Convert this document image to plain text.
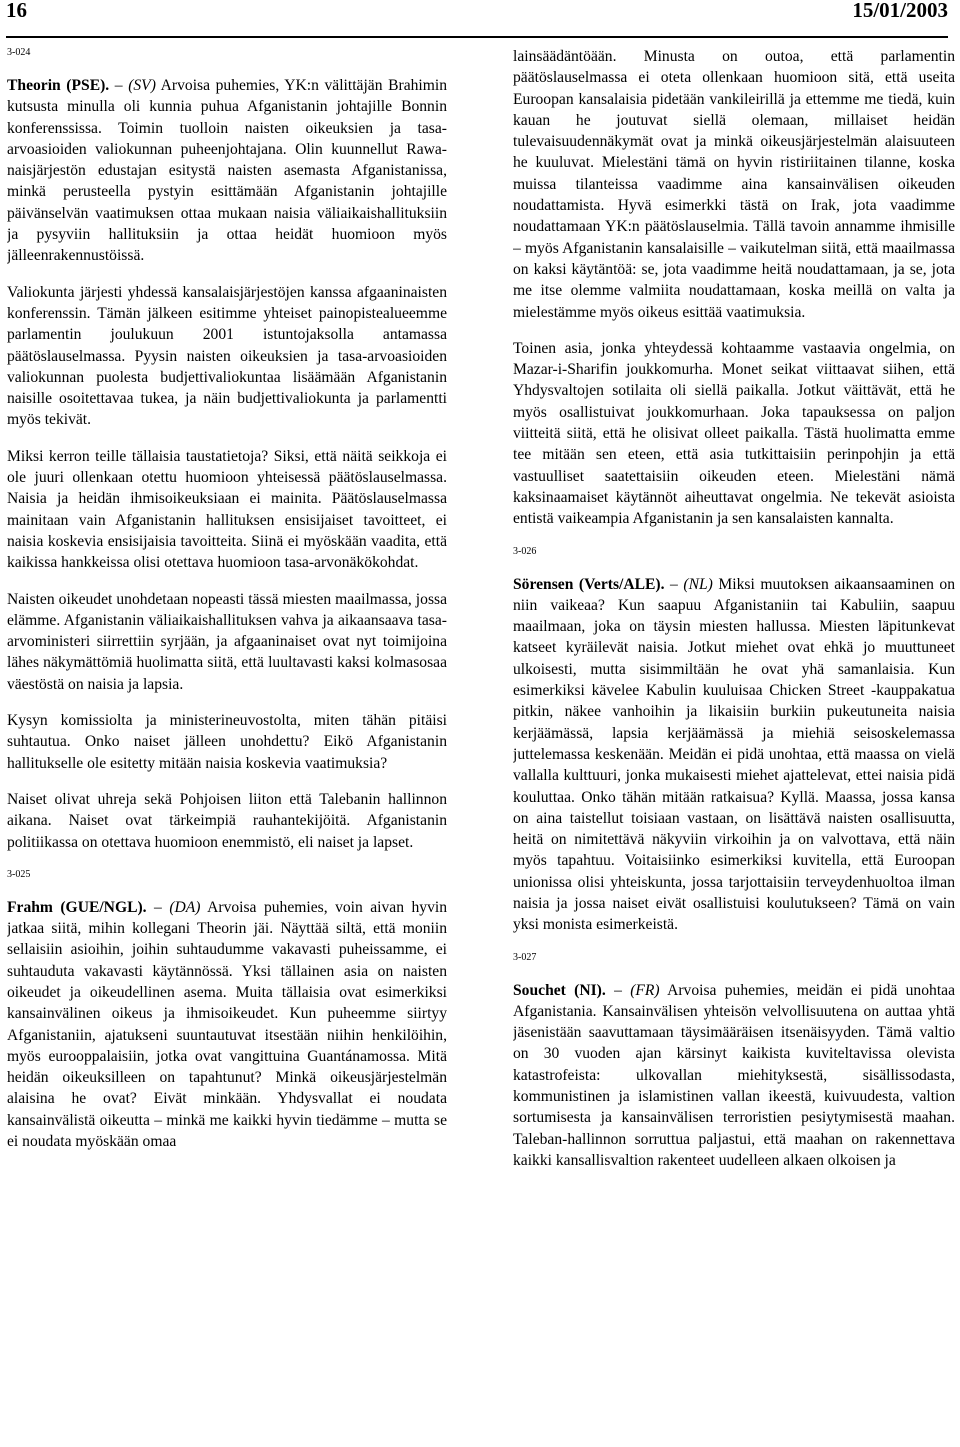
16	15/01/2003

3-024

Theorin (PSE). – (SV) Arvoisa puhemies, YK:n välittäjän Brahimin kutsusta minulla oli kunnia puhua Afganistanin johtajille Bonnin konferenssissa. Toimin tuolloin naisten oikeuksien ja tasa-arvoasioiden valiokunnan puheenjohtajana. Olin kuunnellut Rawa-naisjärjestön edustajan esitystä naisten asemasta Afganistanissa, minkä perusteella pystyin esittämään Afganistanin johtajille päivänselvän vaatimuksen ottaa mukaan naisia väliaikaishallituksiin ja pysyviin hallituksiin ja ottaa heidät huomioon myös jälleenrakennustöissä.

Valiokunta järjesti yhdessä kansalaisjärjestöjen kanssa afgaaninaisten konferenssin. Tämän jälkeen esitimme yhteiset painopistealueemme parlamentin joulukuun 2001 istuntojaksolla antamassa päätöslauselmassa. Pyysin naisten oikeuksien ja tasa-arvoasioiden valiokunnan puolesta budjettivaliokuntaa lisäämään Afganistanin naisille osoitettavaa tukea, ja näin budjettivaliokunta ja parlamentti myös tekivät.

Miksi kerron teille tällaisia taustatietoja? Siksi, että näitä seikkoja ei ole juuri ollenkaan otettu huomioon yhteisessä päätöslauselmassa. Naisia ja heidän ihmisoikeuksiaan ei mainita. Päätöslauselmassa mainitaan vain Afganistanin hallituksen ensisijaiset tavoitteet, ei naisia koskevia ensisijaisia tavoitteita. Siinä ei myöskään vaadita, että kaikissa hankkeissa olisi otettava huomioon tasa-arvonäkökohdat.

Naisten oikeudet unohdetaan nopeasti tässä miesten maailmassa, jossa elämme. Afganistanin väliaikaishallituksen vahva ja aikaansaava tasa-arvoministeri siirrettiin syrjään, ja afgaaninaiset ovat nyt toimijoina lähes näkymättömiä huolimatta siitä, että luultavasti kaksi kolmasosaa väestöstä on naisia ja lapsia.

Kysyn komissiolta ja ministerineuvostolta, miten tähän pitäisi suhtautua. Onko naiset jälleen unohdettu? Eikö Afganistanin hallitukselle ole esitetty mitään naisia koskevia vaatimuksia?

Naiset olivat uhreja sekä Pohjoisen liiton että Talebanin hallinnon aikana. Naiset ovat tärkeimpiä rauhantekijöitä. Afganistanin politiikassa on otettava huomioon enemmistö, eli naiset ja lapset.

3-025

Frahm (GUE/NGL). – (DA) Arvoisa puhemies, voin aivan hyvin jatkaa siitä, mihin kollegani Theorin jäi. Näyttää siltä, että moniin sellaisiin asioihin, joihin suhtaudumme vakavasti puheissamme, ei suhtauduta vakavasti käytännössä. Yksi tällainen asia on naisten oikeudet ja oikeudellinen asema. Muita tällaisia ovat esimerkiksi kansainvälinen oikeus ja ihmisoikeudet. Kun puheemme siirtyy Afganistaniin, ajatukseni suuntautuvat itsestään niihin henkilöihin, myös eurooppalaisiin, jotka ovat vangittuina Guantánamossa. Mitä heidän oikeuksilleen on tapahtunut? Minkä oikeusjärjestelmän alaisina he ovat? Eivät minkään. Yhdysvallat ei noudata kansainvälistä oikeutta – minkä me kaikki hyvin tiedämme – mutta se ei noudata myöskään omaa

lainsäädäntöään. Minusta on outoa, että parlamentin päätöslauselmassa ei oteta ollenkaan huomioon sitä, että useita Euroopan kansalaisia pidetään vankileirillä ja ettemme me tiedä, kuin kauan he joutuvat siellä olemaan, millaiset heidän tulevaisuudennäkymät ovat ja minkä oikeusjärjestelmän alaisuuteen he kuuluvat. Mielestäni tämä on hyvin ristiriitainen tilanne, koska muissa tilanteissa vaadimme aina kansainvälisen oikeuden noudattamista. Hyvä esimerkki tästä on Irak, jota vaadimme noudattamaan YK:n päätöslauselmia. Tällä tavoin annamme ihmisille – myös Afganistanin kansalaisille – vaikutelman siitä, että maailmassa on kaksi käytäntöä: se, jota vaadimme heitä noudattamaan, ja se, jota me itse olemme valmiita noudattamaan, koska meillä on valta ja mielestämme myös oikeus esittää vaatimuksia.

Toinen asia, jonka yhteydessä kohtaamme vastaavia ongelmia, on Mazar-i-Sharifin joukkomurha. Monet seikat viittaavat siihen, että Yhdysvaltojen sotilaita oli siellä paikalla. Jotkut väittävät, että he myös osallistuivat joukkomurhaan. Joka tapauksessa on paljon viitteitä siitä, että he olisivat olleet paikalla. Tästä huolimatta emme tee mitään sen eteen, että asia tutkittaisiin perinpohjin ja että vastuulliset saatettaisiin oikeuden eteen. Mielestäni nämä kaksinaamaiset käytännöt aiheuttavat ongelmia. Ne tekevät asioista entistä vaikeampia Afganistanin ja sen kansalaisten kannalta.

3-026

Sörensen (Verts/ALE). – (NL) Miksi muutoksen aikaansaaminen on niin vaikeaa? Kun saapuu Afganistaniin tai Kabuliin, saapuu maailmaan, joka on täysin miesten hallussa. Miesten läpitunkevat katseet kyräilevät naisia. Jotkut miehet ovat ehkä jo muuttuneet ulkoisesti, mutta sisimmiltään he ovat yhä samanlaisia. Kun esimerkiksi kävelee Kabulin kuuluisaa Chicken Street -kauppakatua pitkin, näkee vanhoihin ja likaisiin burkiin pukeutuneita naisia kerjäämässä, lapsia kerjäämässä ja miehiä seisoskelemassa juttelemassa keskenään. Meidän ei pidä unohtaa, että maassa on vielä vallalla kulttuuri, jonka mukaisesti miehet ajattelevat, ettei naisia pidä kouluttaa. Onko tähän mitään ratkaisua? Kyllä. Maassa, jossa kansa on aina taistellut toisiaan vastaan, on lisättävä naisten osallisuutta, heitä on nimitettävä näkyviin virkoihin ja on valvottava, että näin myös tapahtuu. Voitaisiinko esimerkiksi kuvitella, että Euroopan unionissa olisi yhteiskunta, jossa tarjottaisiin terveydenhuoltoa ilman naisia ja jossa naiset eivät osallistuisi koulutukseen? Tämä on vain yksi monista esimerkeistä.

3-027

Souchet (NI). – (FR) Arvoisa puhemies, meidän ei pidä unohtaa Afganistania. Kansainvälisen yhteisön velvollisuutena on auttaa yhtä jäsenistään saavuttamaan täysimääräisen itsenäisyyden. Tämä valtio on 30 vuoden ajan kärsinyt kaikista kuviteltavissa olevista katastrofeista: ulkovallan miehityksestä, sisällissodasta, kommunistinen ja islamistinen vallan ikeestä, kuivuudesta, valtion sortumisesta ja kansainvälisen terroristien pesiytymisestä maahan. Taleban-hallinnon sorruttua paljastui, että maahan on rakennettava kaikki kansallisvaltion rakenteet uudelleen alkaen olkoisen ja
